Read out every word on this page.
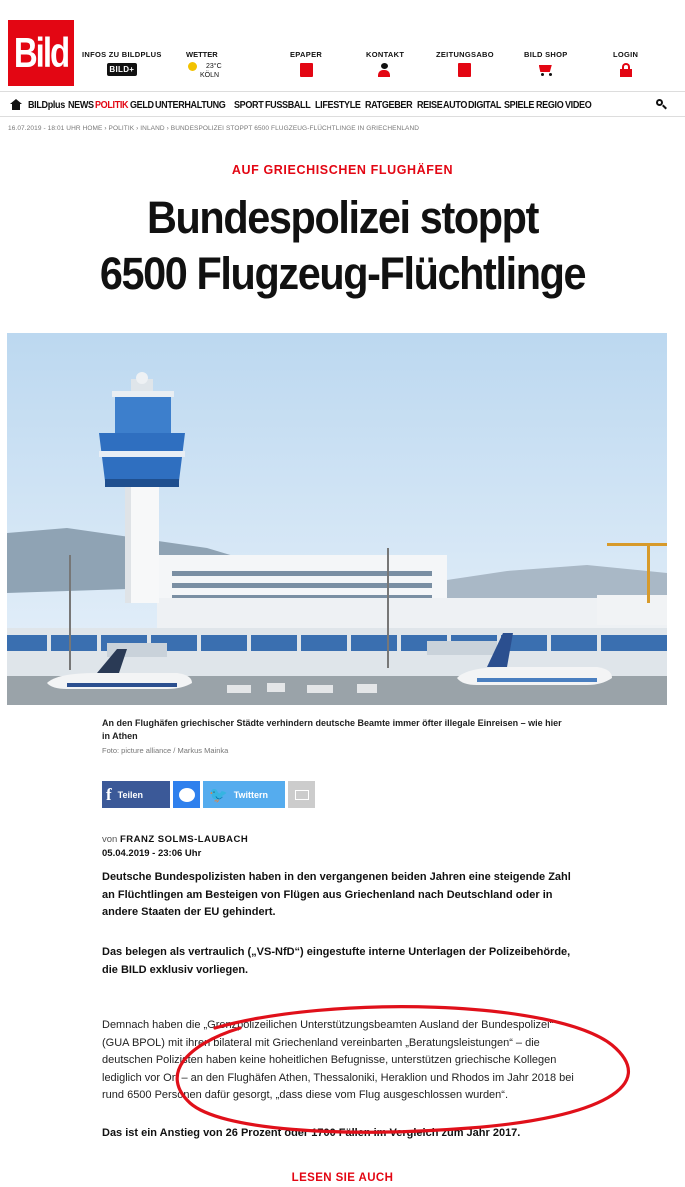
Bild INFOS ZU BILDPLUS
BILD+
WETTER
23°C
KÖLN
EPAPER	KONTAKT	ZEITUNGSABO	BILD SHOP	LOGIN
BILDplus NEWS POLITIK GELD UNTERHALTUNG SPORT FUSSBALL LIFESTYLE RATGEBER REISE AUTO DIGITAL SPIELE REGIO VIDEO
16.07.2019 - 18:01 UHR HOME › POLITIK › INLAND › BUNDESPOLIZEI STOPPT 6500 FLUGZEUG-FLÜCHTLINGE IN GRIECHENLAND
AUF GRIECHISCHEN FLUGHÄFEN
Bundespolizei stoppt
6500 Flugzeug-Flüchtlinge
An den Flughäfen griechischer Städte verhindern deutsche Beamte immer öfter illegale Einreisen – wie hier in Athen
Foto: picture alliance / Markus Mainka
f Teilen	🐦 Twittern
von FRANZ SOLMS-LAUBACH
05.04.2019 - 23:06 Uhr
Deutsche Bundespolizisten haben in den vergangenen beiden Jahren eine steigende Zahl an Flüchtlingen am Besteigen von Flügen aus Griechenland nach Deutschland oder in andere Staaten der EU gehindert.
Das belegen als vertraulich („VS-NfD“) eingestufte interne Unterlagen der Polizeibehörde, die BILD exklusiv vorliegen.
Demnach haben die „Grenzpolizeilichen Unterstützungsbeamten Ausland der Bundespolizei“ (GUA BPOL) mit ihren bilateral mit Griechenland vereinbarten „Beratungsleistungen“ – die deutschen Polizisten haben keine hoheitlichen Befugnisse, unterstützen griechische Kollegen lediglich vor Ort – an den Flughäfen Athen, Thessaloniki, Heraklion und Rhodos im Jahr 2018 bei rund 6500 Personen dafür gesorgt, „dass diese vom Flug ausgeschlossen wurden“.
Das ist ein Anstieg von 26 Prozent oder 1700 Fällen im Vergleich zum Jahr 2017.
LESEN SIE AUCH
